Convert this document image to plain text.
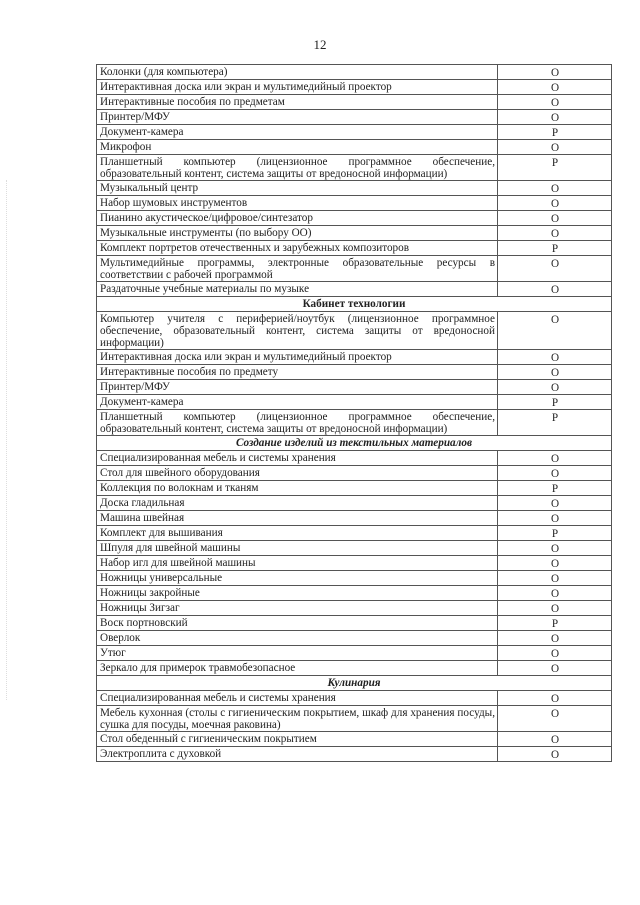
12
Колонки (для компьютера)	О
Интерактивная доска или экран и мультимедийный проектор	О
Интерактивные пособия по предметам	О
Принтер/МФУ	О
Документ-камера	Р
Микрофон	О
Планшетный компьютер (лицензионное программное обеспечение, образовательный контент, система защиты от вредоносной информации)	Р
Музыкальный центр	О
Набор шумовых инструментов	О
Пианино акустическое/цифровое/синтезатор	О
Музыкальные инструменты (по выбору ОО)	О
Комплект портретов отечественных и зарубежных композиторов	Р
Мультимедийные программы, электронные образовательные ресурсы в соответствии с рабочей программой	О
Раздаточные учебные материалы по музыке	О
Кабинет технологии	
Компьютер учителя с периферией/ноутбук (лицензионное программное обеспечение, образовательный контент, система защиты от вредоносной информации)	О
Интерактивная доска или экран и мультимедийный проектор	О
Интерактивные пособия по предмету	О
Принтер/МФУ	О
Документ-камера	Р
Планшетный компьютер (лицензионное программное обеспечение, образовательный контент, система защиты от вредоносной информации)	Р
Создание изделий из текстильных материалов	
Специализированная мебель и системы хранения	О
Стол для швейного оборудования	О
Коллекция по волокнам и тканям	Р
Доска гладильная	О
Машина швейная	О
Комплект для вышивания	Р
Шпуля для швейной машины	О
Набор игл для швейной машины	О
Ножницы универсальные	О
Ножницы закройные	О
Ножницы Зигзаг	О
Воск портновский	Р
Оверлок	О
Утюг	О
Зеркало для примерок травмобезопасное	О
Кулинария	
Специализированная мебель и системы хранения	О
Мебель кухонная (столы с гигиеническим покрытием, шкаф для хранения посуды, сушка для посуды, моечная раковина)	О
Стол обеденный с гигиеническим покрытием	О
Электроплита с духовкой	О
